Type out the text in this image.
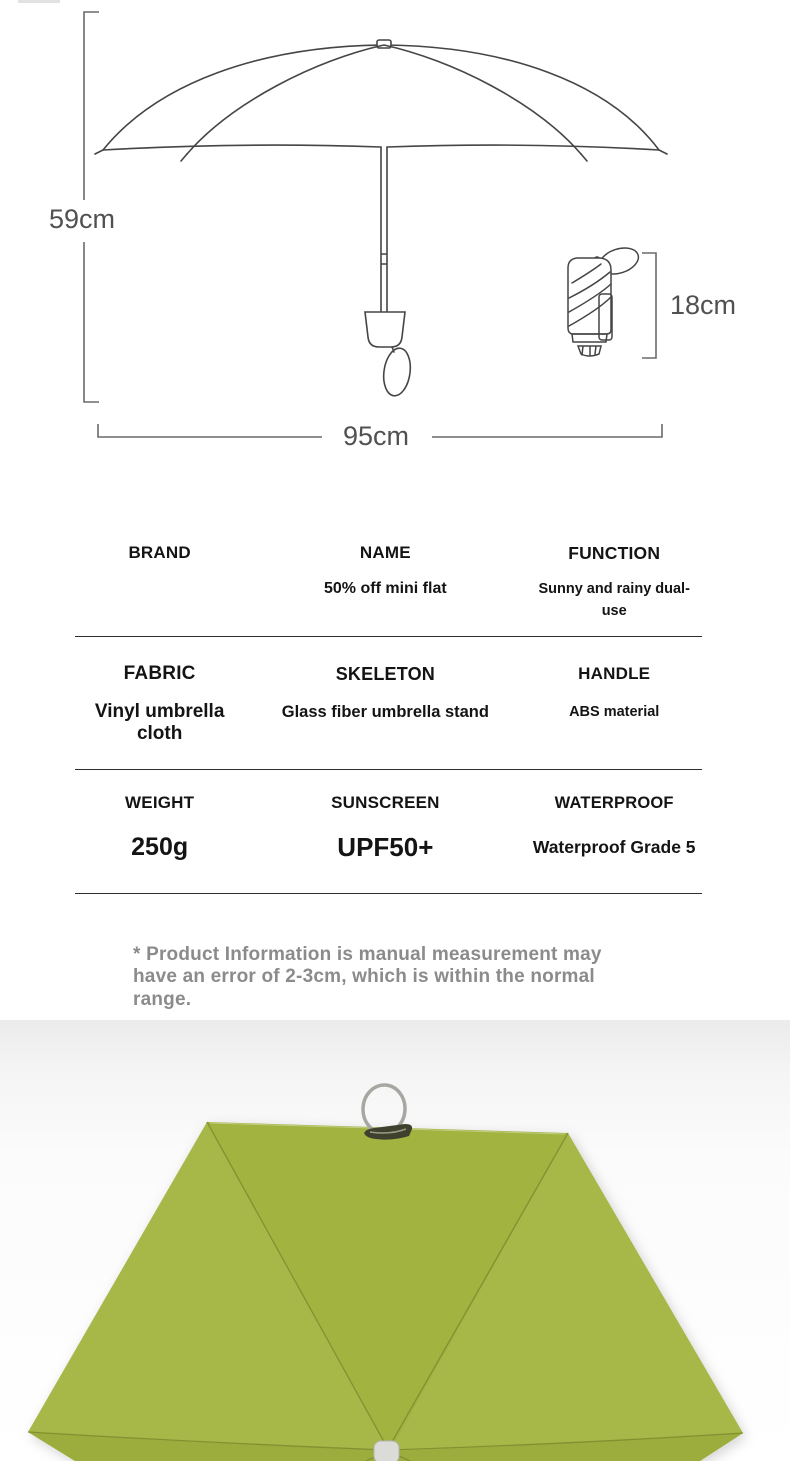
59cm
95cm
18cm
BRAND	NAME
50% off mini flat
FUNCTION
Sunny and rainy dual-use
FABRIC
Vinyl umbrella cloth
SKELETON
Glass fiber umbrella stand
HANDLE
ABS material
WEIGHT
250g
SUNSCREEN
UPF50+
WATERPROOF
Waterproof Grade 5
* Product Information is manual measurement may have an error of 2-3cm, which is within the normal range.
